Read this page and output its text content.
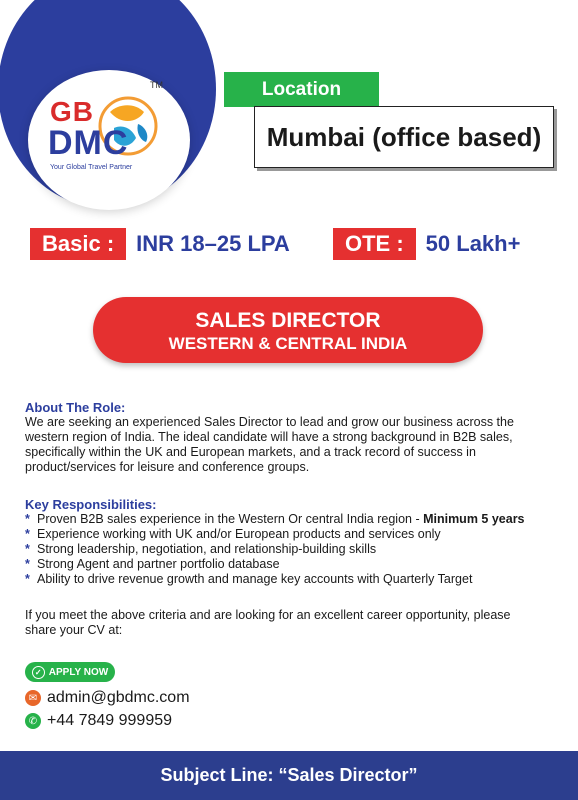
GB
DMC
Your Global Travel Partner
TM	Location
Mumbai (office based)
Basic :	INR 18–25 LPA	OTE :	50 Lakh+
SALES DIRECTOR
WESTERN & CENTRAL INDIA
About The Role:
We are seeking an experienced Sales Director to lead and grow our business across the western region of India. The ideal candidate will have a strong background in B2B sales, specifically within the UK and European markets, and a track record of success in product/services for leisure and conference groups.
Key Responsibilities:
* Proven B2B sales experience in the Western Or central India region - Minimum 5 years
* Experience working with UK and/or European products and services only
* Strong leadership, negotiation, and relationship-building skills
* Strong Agent and partner portfolio database
* Ability to drive revenue growth and manage key accounts with Quarterly Target
If you meet the above criteria and are looking for an excellent career opportunity, please share your CV at:
✓ APPLY NOW
✉ admin@gbdmc.com
✆ +44 7849 999959
Subject Line: “Sales Director”
